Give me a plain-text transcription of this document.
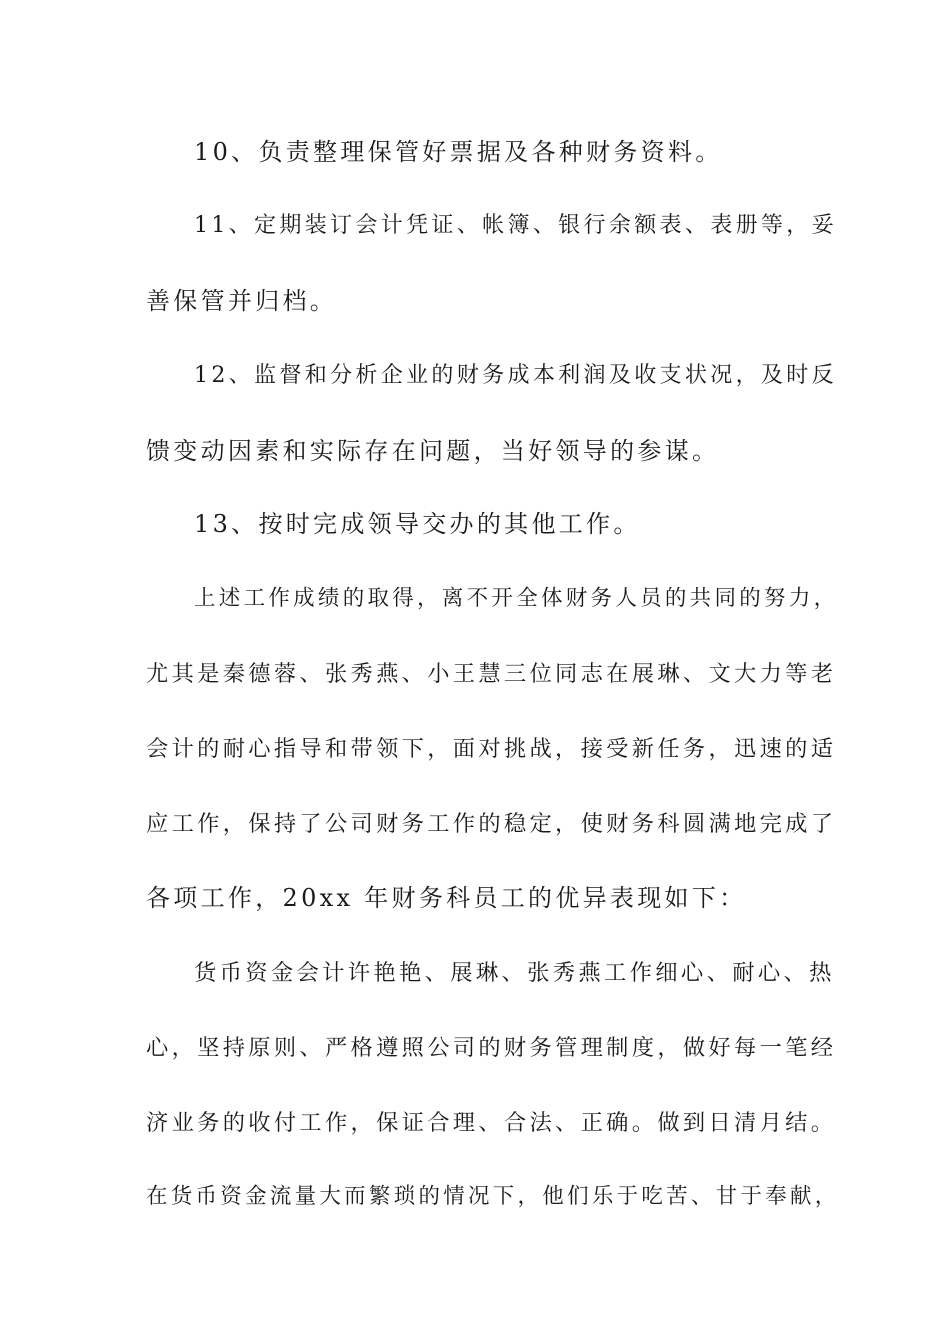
10、负责整理保管好票据及各种财务资料。
11、定期装订会计凭证、帐簿、银行余额表、表册等，妥
善保管并归档。
12、监督和分析企业的财务成本利润及收支状况，及时反
馈变动因素和实际存在问题，当好领导的参谋。
13、按时完成领导交办的其他工作。
上述工作成绩的取得，离不开全体财务人员的共同的努力，
尤其是秦德蓉、张秀燕、小王慧三位同志在展琳、文大力等老
会计的耐心指导和带领下，面对挑战，接受新任务，迅速的适
应工作，保持了公司财务工作的稳定，使财务科圆满地完成了
各项工作，20xx 年财务科员工的优异表现如下：
货币资金会计许艳艳、展琳、张秀燕工作细心、耐心、热
心，坚持原则、严格遵照公司的财务管理制度，做好每一笔经
济业务的收付工作，保证合理、合法、正确。做到日清月结。
在货币资金流量大而繁琐的情况下，他们乐于吃苦、甘于奉献，
